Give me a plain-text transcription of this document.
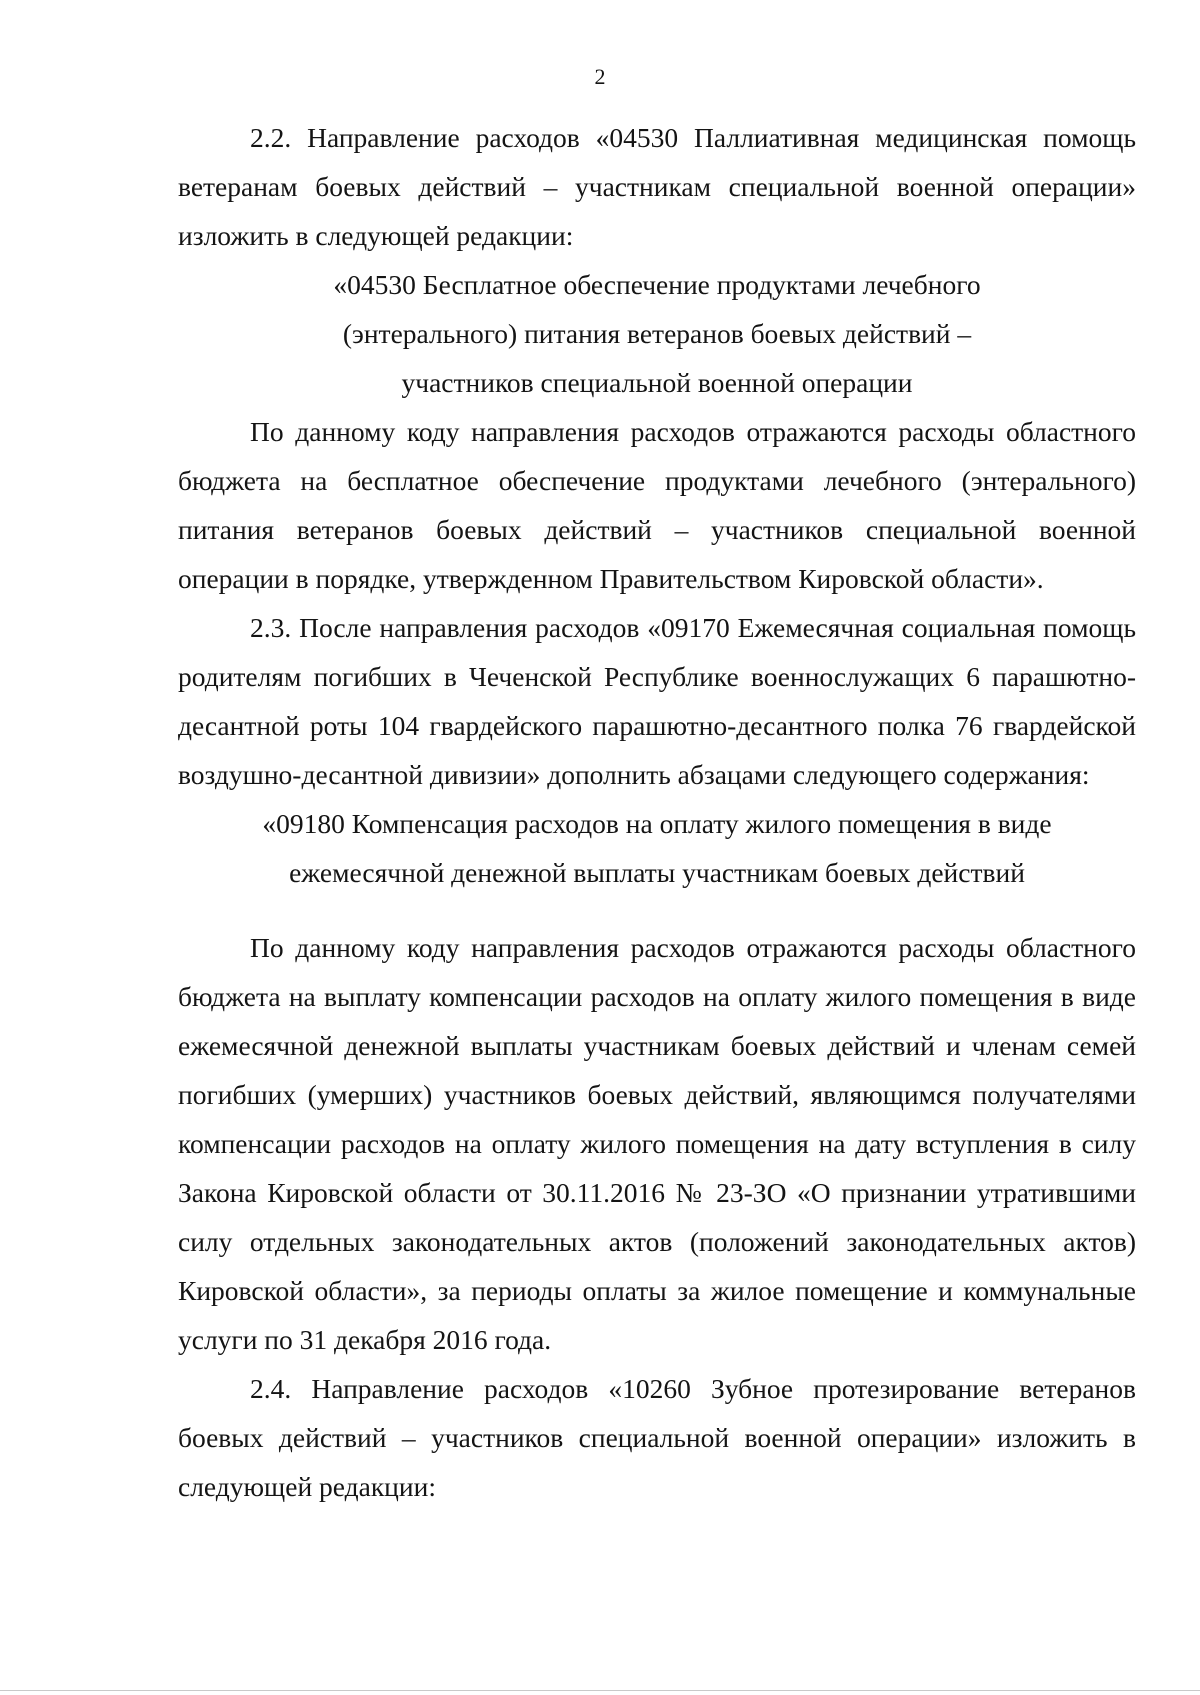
2

2.2. Направление расходов «04530 Паллиативная медицинская помощь ветеранам боевых действий – участникам специальной военной операции» изложить в следующей редакции:

«04530 Бесплатное обеспечение продуктами лечебного

(энтерального) питания ветеранов боевых действий –

участников специальной военной операции

По данному коду направления расходов отражаются расходы областного бюджета на бесплатное обеспечение продуктами лечебного (энтерального) питания ветеранов боевых действий – участников специальной военной операции в порядке, утвержденном Правительством Кировской области».

2.3. После направления расходов «09170 Ежемесячная социальная помощь родителям погибших в Чеченской Республике военнослужащих 6 парашютно-десантной роты 104 гвардейского парашютно-десантного полка 76 гвардейской воздушно-десантной дивизии» дополнить абзацами следующего содержания:

«09180 Компенсация расходов на оплату жилого помещения в виде

ежемесячной денежной выплаты участникам боевых действий

По данному коду направления расходов отражаются расходы областного бюджета на выплату компенсации расходов на оплату жилого помещения в виде ежемесячной денежной выплаты участникам боевых действий и членам семей погибших (умерших) участников боевых действий, являющимся получателями компенсации расходов на оплату жилого помещения на дату вступления в силу Закона Кировской области от 30.11.2016 № 23-ЗО «О признании утратившими силу отдельных законодательных актов (положений законодательных актов) Кировской области», за периоды оплаты за жилое помещение и коммунальные услуги по 31 декабря 2016 года.

2.4. Направление расходов «10260 Зубное протезирование ветеранов боевых действий – участников специальной военной операции» изложить в следующей редакции:
